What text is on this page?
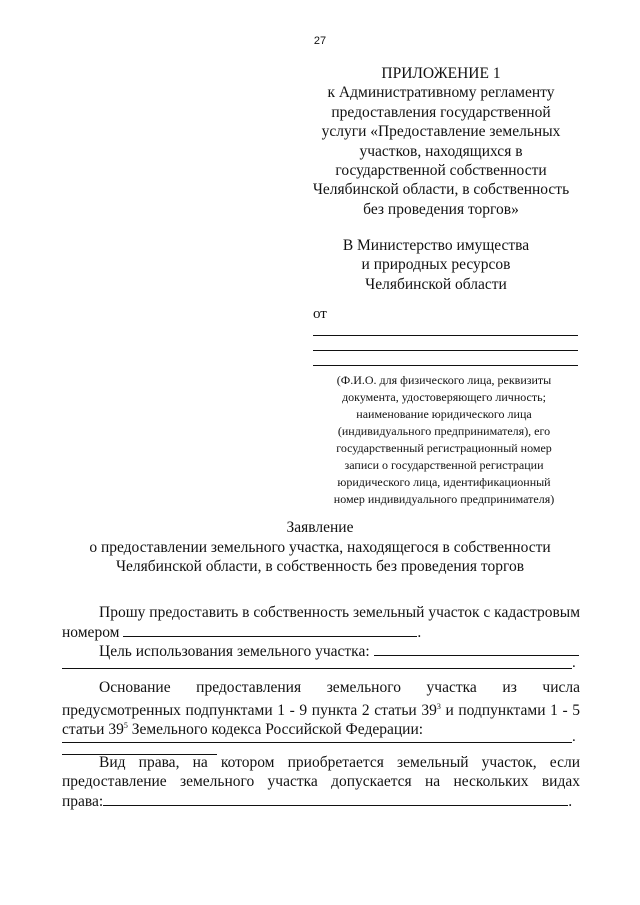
27
ПРИЛОЖЕНИЕ 1
к Административному регламенту
предоставления государственной
услуги «Предоставление земельных
участков, находящихся в
государственной собственности
Челябинской области, в собственность
без проведения торгов»
В Министерство имущества
и природных ресурсов
Челябинской области
от
(Ф.И.О. для физического лица, реквизиты
документа, удостоверяющего личность;
наименование юридического лица
(индивидуального предпринимателя), его
государственный регистрационный номер
записи о государственной регистрации
юридического лица, идентификационный
номер индивидуального предпринимателя)
Заявление
о предоставлении земельного участка, находящегося в собственности
Челябинской области, в собственность без проведения торгов
Прошу предоставить в собственность земельный участок с кадастровым
номером	.
Цель использования земельного участка:
.
Основание предоставления земельного участка из числа
предусмотренных подпунктами 1 - 9 пункта 2 статьи $39^3$ и подпунктами 1 - 5
статьи $39^5$ Земельного кодекса Российской Федерации:	.
Вид права, на котором приобретается земельный участок, если
предоставление земельного участка допускается на нескольких видах
права:	.
